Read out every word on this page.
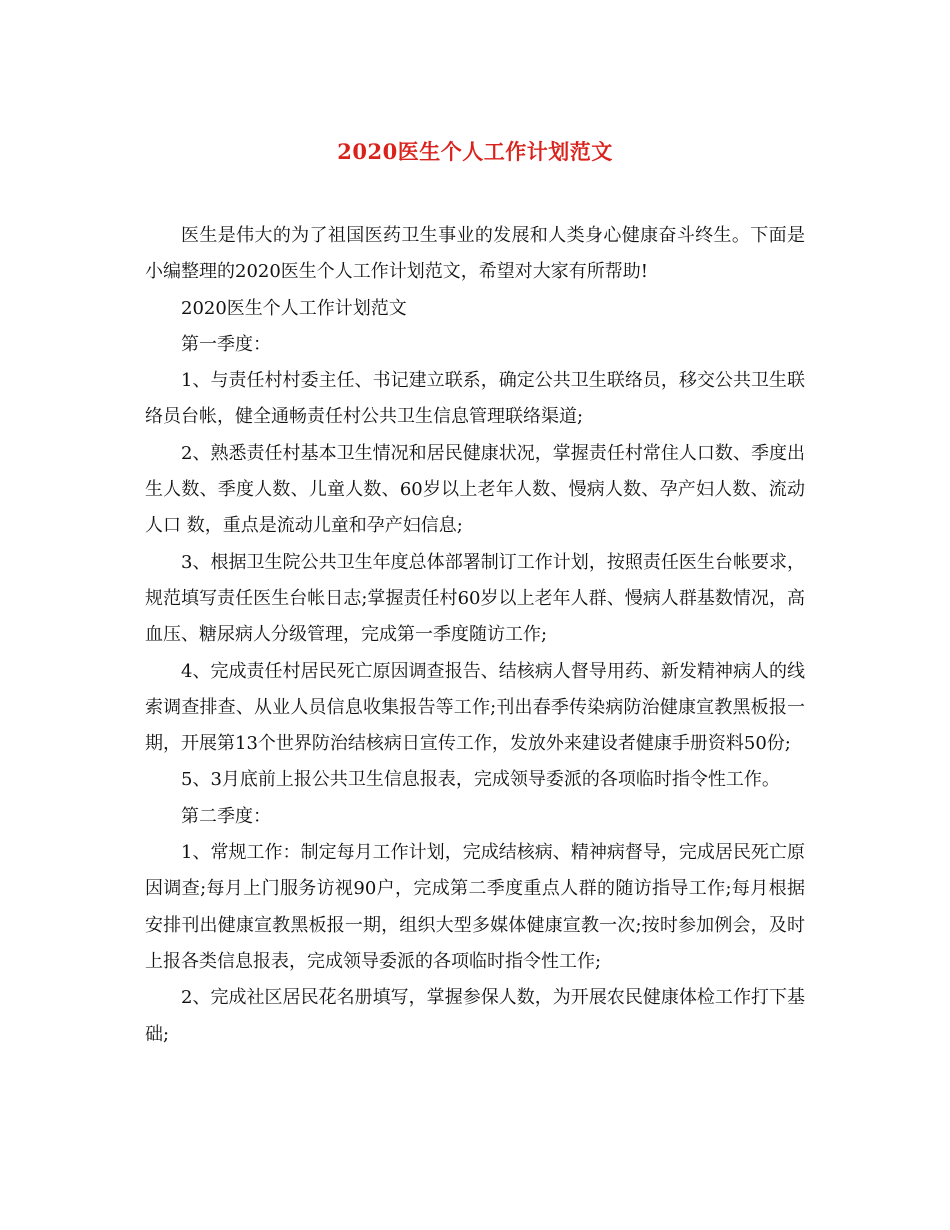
2020医生个人工作计划范文

医生是伟大的为了祖国医药卫生事业的发展和人类身心健康奋斗终生。下面是小编整理的2020医生个人工作计划范文，希望对大家有所帮助!

2020医生个人工作计划范文

第一季度：

1、与责任村村委主任、书记建立联系，确定公共卫生联络员，移交公共卫生联络员台帐，健全通畅责任村公共卫生信息管理联络渠道;

2、熟悉责任村基本卫生情况和居民健康状况，掌握责任村常住人口数、季度出生人数、季度人数、儿童人数、60岁以上老年人数、慢病人数、孕产妇人数、流动人口 数，重点是流动儿童和孕产妇信息;

3、根据卫生院公共卫生年度总体部署制订工作计划，按照责任医生台帐要求，规范填写责任医生台帐日志;掌握责任村60岁以上老年人群、慢病人群基数情况，高血压、糖尿病人分级管理，完成第一季度随访工作;

4、完成责任村居民死亡原因调查报告、结核病人督导用药、新发精神病人的线索调查排查、从业人员信息收集报告等工作;刊出春季传染病防治健康宣教黑板报一期，开展第13个世界防治结核病日宣传工作，发放外来建设者健康手册资料50份;

5、3月底前上报公共卫生信息报表，完成领导委派的各项临时指令性工作。

第二季度：

1、常规工作：制定每月工作计划，完成结核病、精神病督导，完成居民死亡原因调查;每月上门服务访视90户，完成第二季度重点人群的随访指导工作;每月根据安排刊出健康宣教黑板报一期，组织大型多媒体健康宣教一次;按时参加例会，及时上报各类信息报表，完成领导委派的各项临时指令性工作;

2、完成社区居民花名册填写，掌握参保人数，为开展农民健康体检工作打下基础;
